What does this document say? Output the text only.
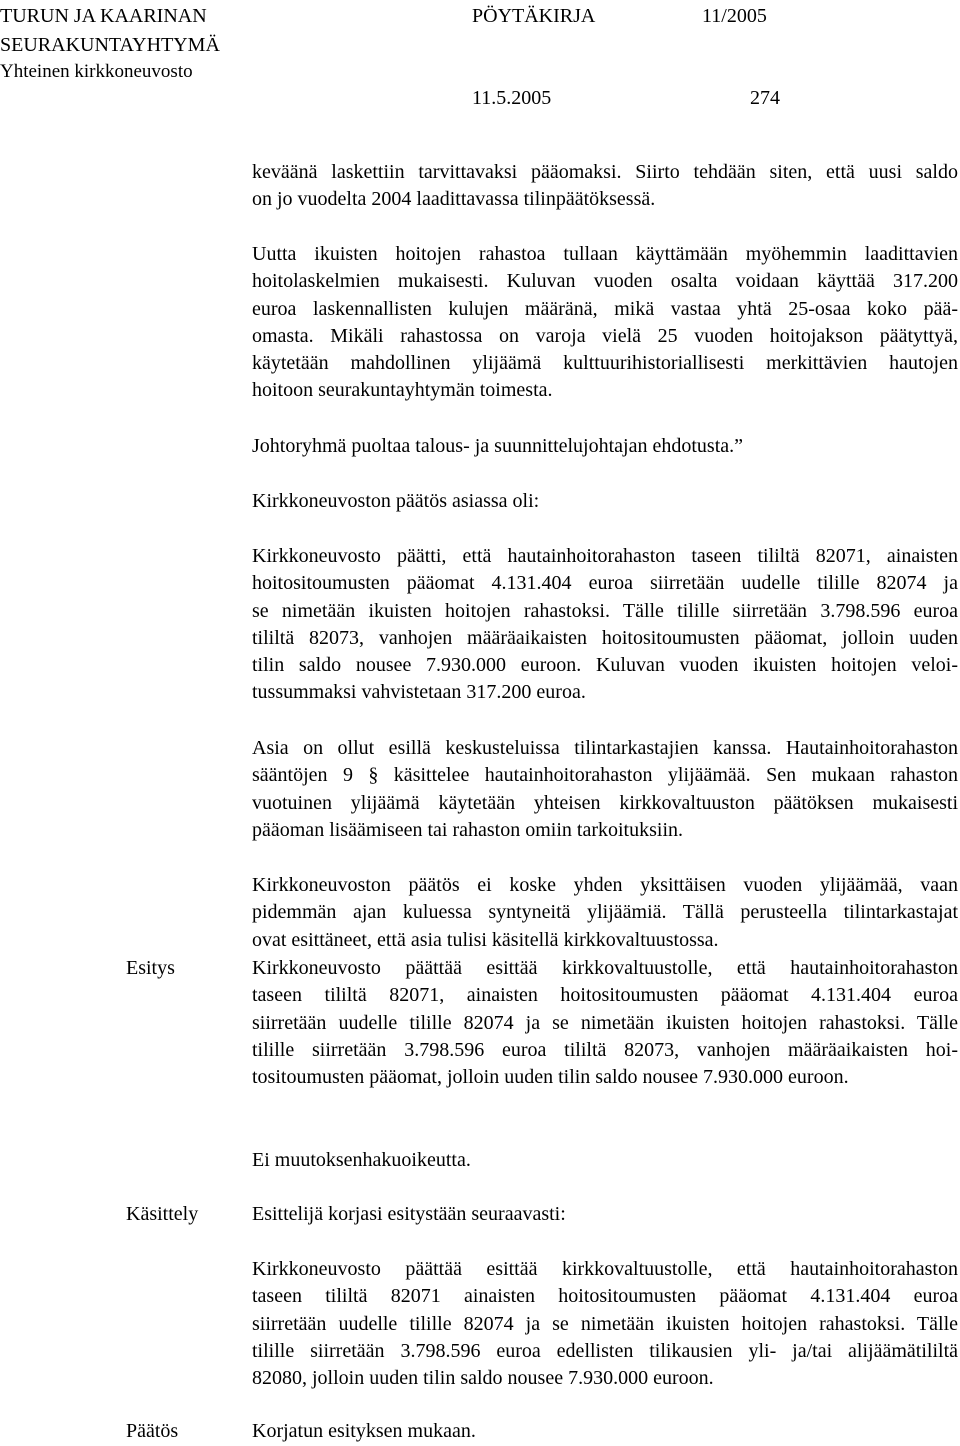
TURUN JA KAARINAN
SEURAKUNTAYHTYMÄ
Yhteinen kirkkoneuvosto
PÖYTÄKIRJA	11/2005
11.5.2005	274
keväänä laskettiin tarvittavaksi pääomaksi. Siirto tehdään siten, että uusi saldo
on jo vuodelta 2004 laadittavassa tilinpäätöksessä.
Uutta ikuisten hoitojen rahastoa tullaan käyttämään myöhemmin laadittavien
hoitolaskelmien mukaisesti. Kuluvan vuoden osalta voidaan käyttää 317.200
euroa laskennallisten kulujen määränä, mikä vastaa yhtä 25-osaa koko pää-
omasta. Mikäli rahastossa on varoja vielä 25 vuoden hoitojakson päätyttyä,
käytetään mahdollinen ylijäämä kulttuurihistoriallisesti merkittävien hautojen
hoitoon seurakuntayhtymän toimesta.
Johtoryhmä puoltaa talous- ja suunnittelujohtajan ehdotusta.”
Kirkkoneuvoston päätös asiassa oli:
Kirkkoneuvosto päätti, että hautainhoitorahaston taseen tililtä 82071, ainaisten
hoitositoumusten pääomat 4.131.404 euroa siirretään uudelle tilille 82074 ja
se nimetään ikuisten hoitojen rahastoksi. Tälle tilille siirretään 3.798.596 euroa
tililtä 82073, vanhojen määräaikaisten hoitositoumusten pääomat, jolloin uuden
tilin saldo nousee 7.930.000 euroon. Kuluvan vuoden ikuisten hoitojen veloi-
tussummaksi vahvistetaan 317.200 euroa.
Asia on ollut esillä keskusteluissa tilintarkastajien kanssa. Hautainhoitorahaston
sääntöjen 9 § käsittelee hautainhoitorahaston ylijäämää. Sen mukaan rahaston
vuotuinen ylijäämä käytetään yhteisen kirkkovaltuuston päätöksen mukaisesti
pääoman lisäämiseen tai rahaston omiin tarkoituksiin.
Kirkkoneuvoston päätös ei koske yhden yksittäisen vuoden ylijäämää, vaan
pidemmän ajan kuluessa syntyneitä ylijäämiä. Tällä perusteella tilintarkastajat
ovat esittäneet, että asia tulisi käsitellä kirkkovaltuustossa.
Esitys	Kirkkoneuvosto päättää esittää kirkkovaltuustolle, että hautainhoitorahaston
taseen tililtä 82071, ainaisten hoitositoumusten pääomat 4.131.404 euroa
siirretään uudelle tilille 82074 ja se nimetään ikuisten hoitojen rahastoksi. Tälle
tilille siirretään 3.798.596 euroa tililtä 82073, vanhojen määräaikaisten hoi-
tositoumusten pääomat, jolloin uuden tilin saldo nousee 7.930.000 euroon.
Ei muutoksenhakuoikeutta.
Käsittely	Esittelijä korjasi esitystään seuraavasti:
Kirkkoneuvosto päättää esittää kirkkovaltuustolle, että hautainhoitorahaston
taseen tililtä 82071 ainaisten hoitositoumusten pääomat 4.131.404 euroa
siirretään uudelle tilille 82074 ja se nimetään ikuisten hoitojen rahastoksi. Tälle
tilille siirretään 3.798.596 euroa edellisten tilikausien yli- ja/tai alijäämätililtä
82080, jolloin uuden tilin saldo nousee 7.930.000 euroon.
Päätös	Korjatun esityksen mukaan.
